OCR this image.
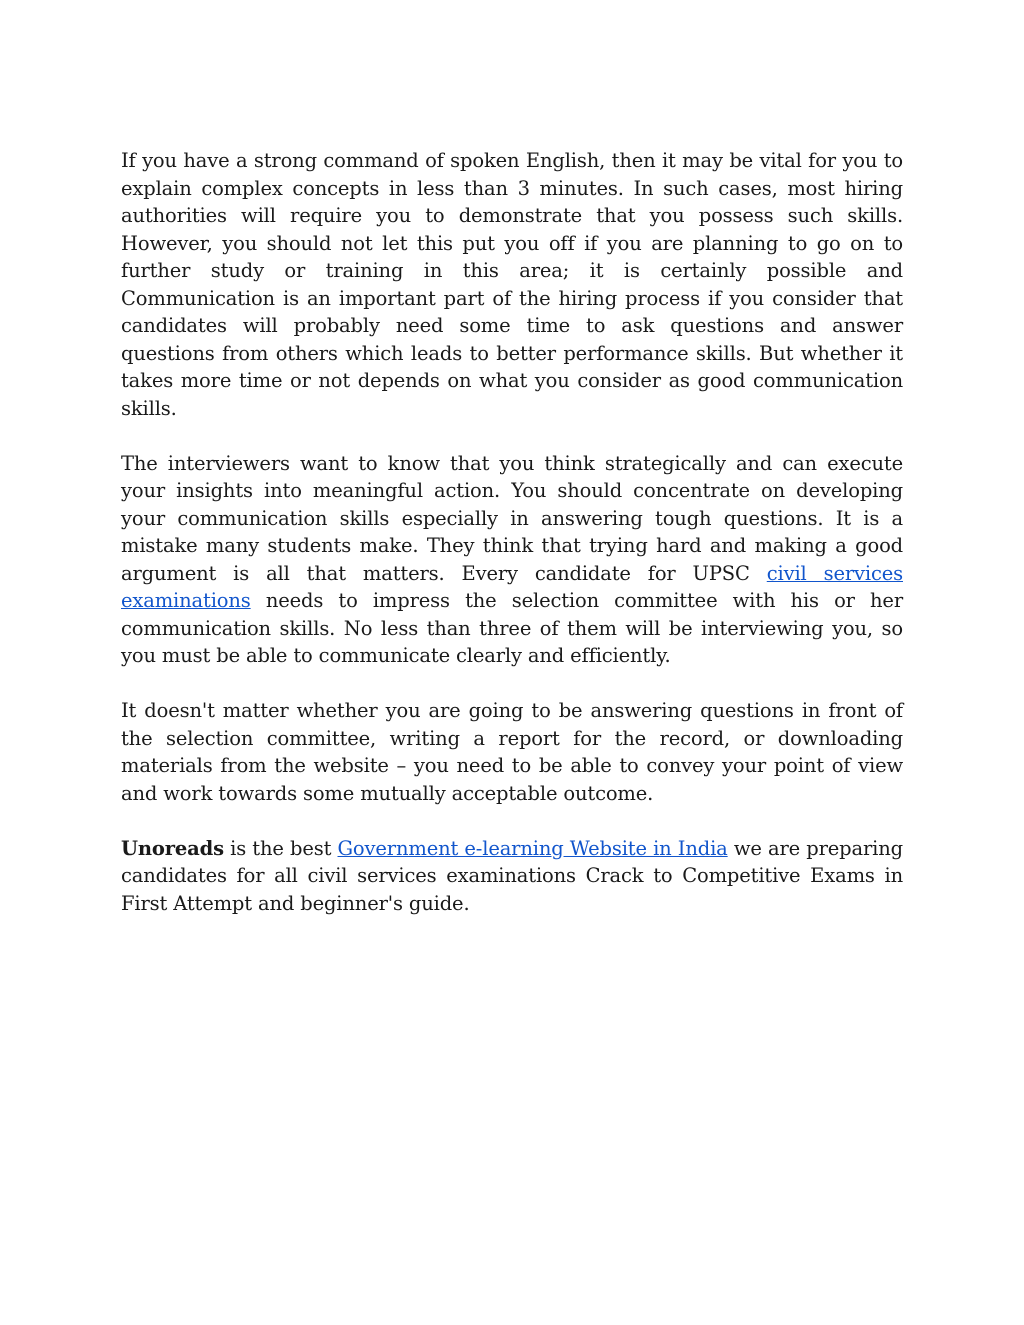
If you have a strong command of spoken English, then it may be vital for you to explain complex concepts in less than 3 minutes. In such cases, most hiring authorities will require you to demonstrate that you possess such skills. However, you should not let this put you off if you are planning to go on to further study or training in this area; it is certainly possible and Communication is an important part of the hiring process if you consider that candidates will probably need some time to ask questions and answer questions from others which leads to better performance skills. But whether it takes more time or not depends on what you consider as good communication skills.

The interviewers want to know that you think strategically and can execute your insights into meaningful action. You should concentrate on developing your communication skills especially in answering tough questions. It is a mistake many students make. They think that trying hard and making a good argument is all that matters. Every candidate for UPSC civil services examinations needs to impress the selection committee with his or her communication skills. No less than three of them will be interviewing you, so you must be able to communicate clearly and efficiently.

It doesn't matter whether you are going to be answering questions in front of the selection committee, writing a report for the record, or downloading materials from the website – you need to be able to convey your point of view and work towards some mutually acceptable outcome.

Unoreads is the best Government e-learning Website in India we are preparing candidates for all civil services examinations Crack to Competitive Exams in First Attempt and beginner's guide.
